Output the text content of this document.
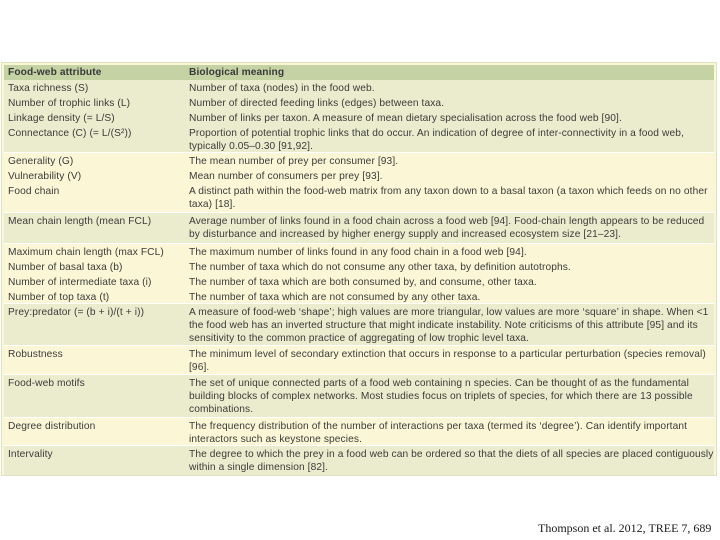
Food-web attribute	Biological meaning
Taxa richness (S)	Number of taxa (nodes) in the food web.
Number of trophic links (L)	Number of directed feeding links (edges) between taxa.
Linkage density (= L/S)	Number of links per taxon. A measure of mean dietary specialisation across the food web [90].
Connectance (C) (= L/(S²))	Proportion of potential trophic links that do occur. An indication of degree of inter-connectivity in a food web, typically 0.05–0.30 [91,92].
Generality (G)	The mean number of prey per consumer [93].
Vulnerability (V)	Mean number of consumers per prey [93].
Food chain	A distinct path within the food-web matrix from any taxon down to a basal taxon (a taxon which feeds on no other taxa) [18].
Mean chain length (mean FCL)	Average number of links found in a food chain across a food web [94]. Food-chain length appears to be reduced by disturbance and increased by higher energy supply and increased ecosystem size [21–23].
Maximum chain length (max FCL)	The maximum number of links found in any food chain in a food web [94].
Number of basal taxa (b)	The number of taxa which do not consume any other taxa, by definition autotrophs.
Number of intermediate taxa (i)	The number of taxa which are both consumed by, and consume, other taxa.
Number of top taxa (t)	The number of taxa which are not consumed by any other taxa.
Prey:predator (= (b + i)/(t + i))	A measure of food-web ‘shape’; high values are more triangular, low values are more ‘square’ in shape. When <1 the food web has an inverted structure that might indicate instability. Note criticisms of this attribute [95] and its sensitivity to the common practice of aggregating of low trophic level taxa.
Robustness	The minimum level of secondary extinction that occurs in response to a particular perturbation (species removal) [96].
Food-web motifs	The set of unique connected parts of a food web containing n species. Can be thought of as the fundamental building blocks of complex networks. Most studies focus on triplets of species, for which there are 13 possible combinations.
Degree distribution	The frequency distribution of the number of interactions per taxa (termed its ‘degree’). Can identify important interactors such as keystone species.
Intervality	The degree to which the prey in a food web can be ordered so that the diets of all species are placed contiguously within a single dimension [82].
Thompson et al. 2012, TREE 7, 689
